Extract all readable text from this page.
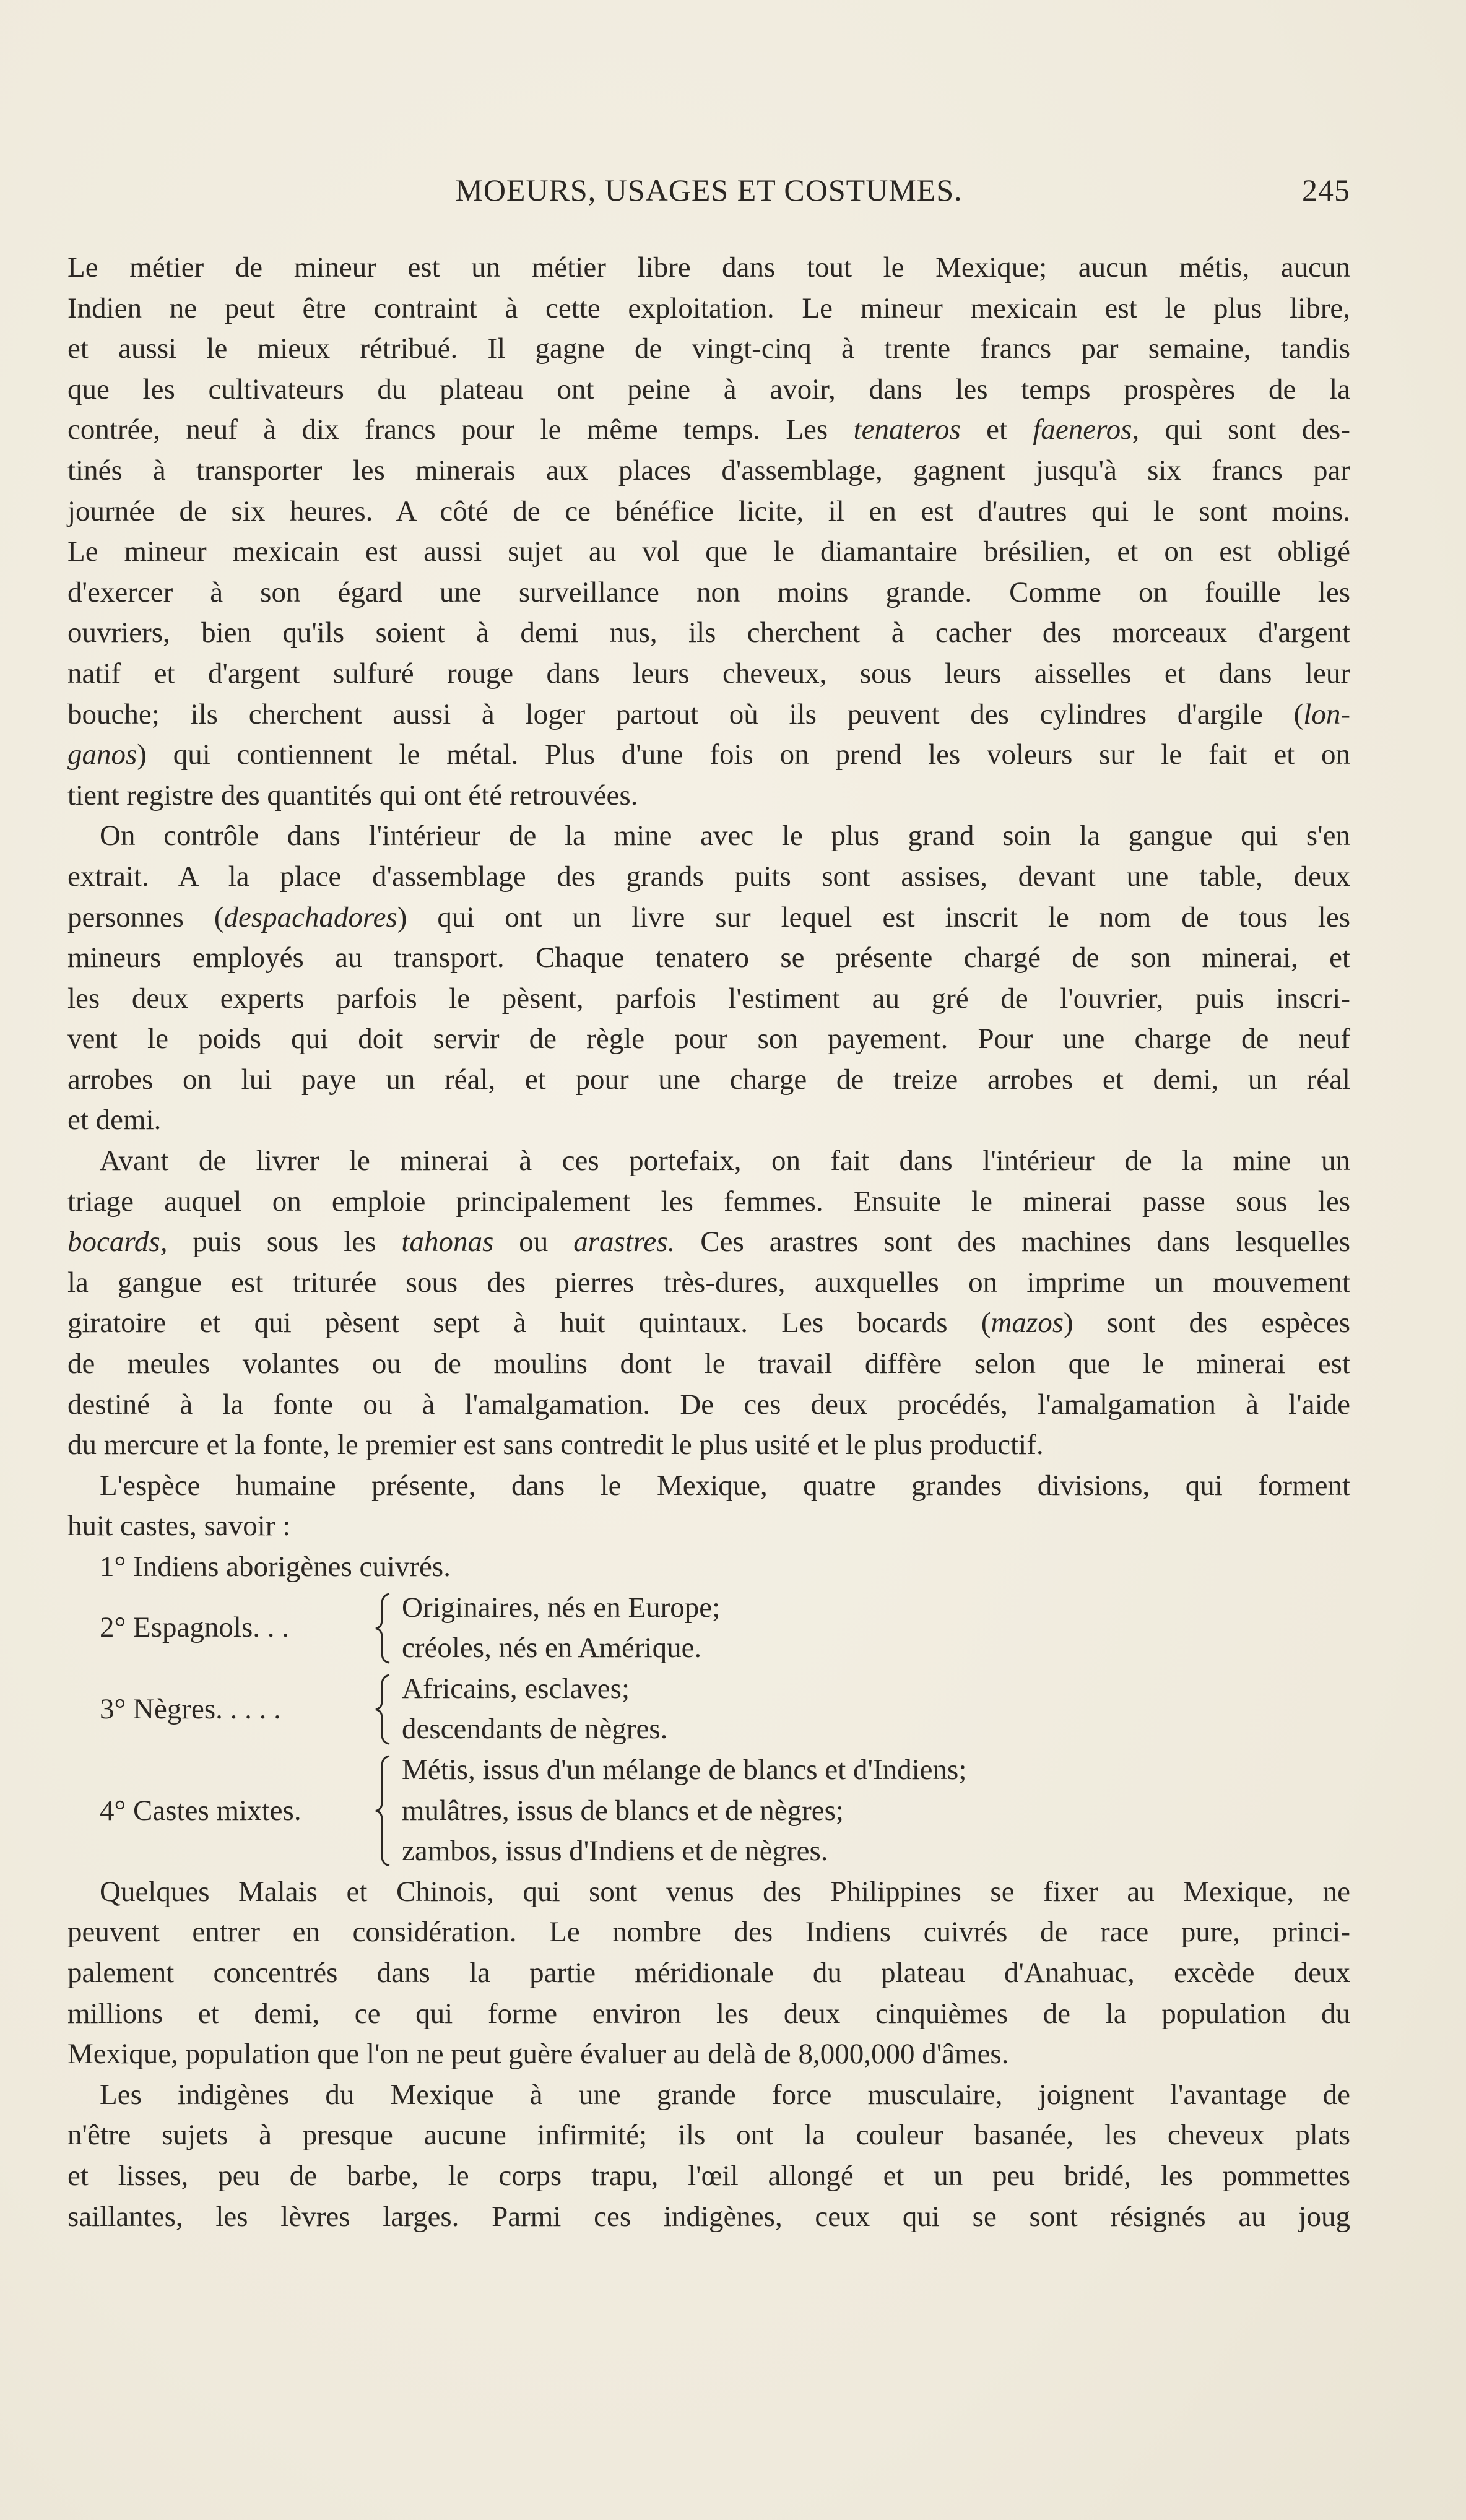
MOEURS, USAGES ET COSTUMES.	245
Le métier de mineur est un métier libre dans tout le Mexique; aucun métis, aucun
Indien ne peut être contraint à cette exploitation. Le mineur mexicain est le plus libre,
et aussi le mieux rétribué. Il gagne de vingt-cinq à trente francs par semaine, tandis
que les cultivateurs du plateau ont peine à avoir, dans les temps prospères de la
contrée, neuf à dix francs pour le même temps. Les tenateros et faeneros, qui sont des-
tinés à transporter les minerais aux places d'assemblage, gagnent jusqu'à six francs par
journée de six heures. A côté de ce bénéfice licite, il en est d'autres qui le sont moins.
Le mineur mexicain est aussi sujet au vol que le diamantaire brésilien, et on est obligé
d'exercer à son égard une surveillance non moins grande. Comme on fouille les
ouvriers, bien qu'ils soient à demi nus, ils cherchent à cacher des morceaux d'argent
natif et d'argent sulfuré rouge dans leurs cheveux, sous leurs aisselles et dans leur
bouche; ils cherchent aussi à loger partout où ils peuvent des cylindres d'argile (lon-
ganos) qui contiennent le métal. Plus d'une fois on prend les voleurs sur le fait et on
tient registre des quantités qui ont été retrouvées.
On contrôle dans l'intérieur de la mine avec le plus grand soin la gangue qui s'en
extrait. A la place d'assemblage des grands puits sont assises, devant une table, deux
personnes (despachadores) qui ont un livre sur lequel est inscrit le nom de tous les
mineurs employés au transport. Chaque tenatero se présente chargé de son minerai, et
les deux experts parfois le pèsent, parfois l'estiment au gré de l'ouvrier, puis inscri-
vent le poids qui doit servir de règle pour son payement. Pour une charge de neuf
arrobes on lui paye un réal, et pour une charge de treize arrobes et demi, un réal
et demi.
Avant de livrer le minerai à ces portefaix, on fait dans l'intérieur de la mine un
triage auquel on emploie principalement les femmes. Ensuite le minerai passe sous les
bocards, puis sous les tahonas ou arastres. Ces arastres sont des machines dans lesquelles
la gangue est triturée sous des pierres très-dures, auxquelles on imprime un mouvement
giratoire et qui pèsent sept à huit quintaux. Les bocards (mazos) sont des espèces
de meules volantes ou de moulins dont le travail diffère selon que le minerai est
destiné à la fonte ou à l'amalgamation. De ces deux procédés, l'amalgamation à l'aide
du mercure et la fonte, le premier est sans contredit le plus usité et le plus productif.
L'espèce humaine présente, dans le Mexique, quatre grandes divisions, qui forment
huit castes, savoir :
1° Indiens aborigènes cuivrés.
2° Espagnols. . .
Originaires, nés en Europe;
créoles, nés en Amérique.
3° Nègres. . . . .
Africains, esclaves;
descendants de nègres.
4° Castes mixtes.
Métis, issus d'un mélange de blancs et d'Indiens;
mulâtres, issus de blancs et de nègres;
zambos, issus d'Indiens et de nègres.
Quelques Malais et Chinois, qui sont venus des Philippines se fixer au Mexique, ne
peuvent entrer en considération. Le nombre des Indiens cuivrés de race pure, princi-
palement concentrés dans la partie méridionale du plateau d'Anahuac, excède deux
millions et demi, ce qui forme environ les deux cinquièmes de la population du
Mexique, population que l'on ne peut guère évaluer au delà de 8,000,000 d'âmes.
Les indigènes du Mexique à une grande force musculaire, joignent l'avantage de
n'être sujets à presque aucune infirmité; ils ont la couleur basanée, les cheveux plats
et lisses, peu de barbe, le corps trapu, l'œil allongé et un peu bridé, les pommettes
saillantes, les lèvres larges. Parmi ces indigènes, ceux qui se sont résignés au joug
